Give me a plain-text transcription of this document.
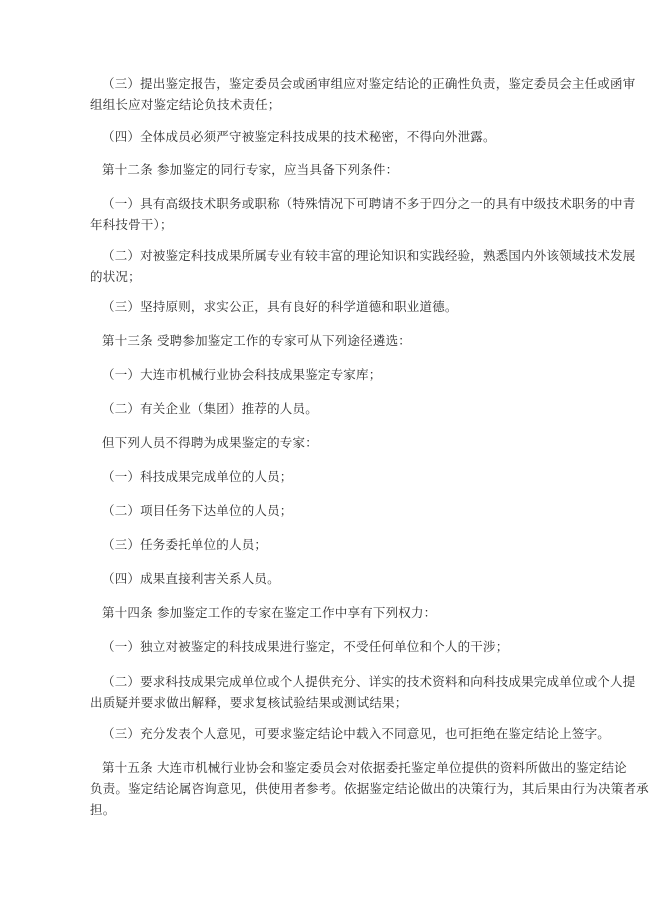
（三）提出鉴定报告，鉴定委员会或函审组应对鉴定结论的正确性负责，鉴定委员会主任或函审
组组长应对鉴定结论负技术责任；

（四）全体成员必须严守被鉴定科技成果的技术秘密，不得向外泄露。

第十二条 参加鉴定的同行专家，应当具备下列条件：

（一）具有高级技术职务或职称（特殊情况下可聘请不多于四分之一的具有中级技术职务的中青
年科技骨干）；

（二）对被鉴定科技成果所属专业有较丰富的理论知识和实践经验，熟悉国内外该领域技术发展
的状况；

（三）坚持原则，求实公正，具有良好的科学道德和职业道德。

第十三条 受聘参加鉴定工作的专家可从下列途径遴选：

（一）大连市机械行业协会科技成果鉴定专家库；

（二）有关企业（集团）推荐的人员。

但下列人员不得聘为成果鉴定的专家：

（一）科技成果完成单位的人员；

（二）项目任务下达单位的人员；

（三）任务委托单位的人员；

（四）成果直接利害关系人员。

第十四条 参加鉴定工作的专家在鉴定工作中享有下列权力：

（一）独立对被鉴定的科技成果进行鉴定，不受任何单位和个人的干涉；

（二）要求科技成果完成单位或个人提供充分、详实的技术资料和向科技成果完成单位或个人提
出质疑并要求做出解释，要求复核试验结果或测试结果；

（三）充分发表个人意见，可要求鉴定结论中载入不同意见，也可拒绝在鉴定结论上签字。

第十五条 大连市机械行业协会和鉴定委员会对依据委托鉴定单位提供的资料所做出的鉴定结论
负责。鉴定结论属咨询意见，供使用者参考。依据鉴定结论做出的决策行为，其后果由行为决策者承
担。
